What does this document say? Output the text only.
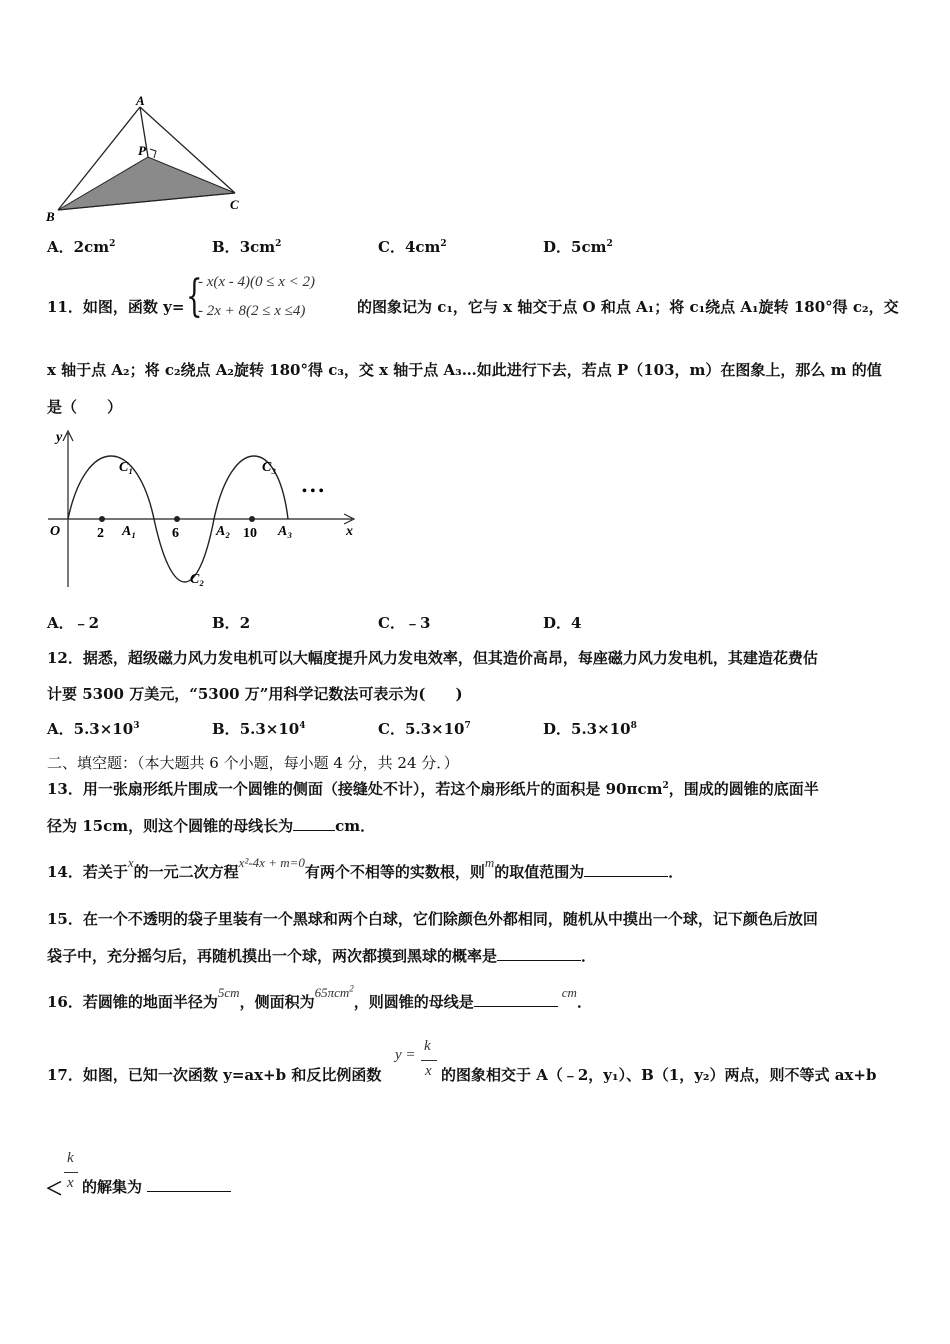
A
P
B
C
A．$2cm^2$	B．$3cm^2$	C．$4cm^2$	D．$5cm^2$
11．如图，函数 y= {
- x(x - 4)(0 ≤ x < 2)
- 2x + 8(2 ≤ x ≤4)	的图象记为 c₁，它与 x 轴交于点 O 和点 A₁；将 c₁绕点 A₁旋转 180°得 c₂，交
x 轴于点 A₂；将 c₂绕点 A₂旋转 180°得 c₃，交 x 轴于点 A₃…如此进行下去，若点 P（103，m）在图象上，那么 m 的值
是（　　）
y
x
O	2	6	10
A₁	A₂	A₃
C₁
C₂
C₃
• • •
A．﹣2	B．2	C．﹣3	D．4
12．据悉，超级磁力风力发电机可以大幅度提升风力发电效率，但其造价高昂，每座磁力风力发电机，其建造花费估
计要 5300 万美元，“5300 万”用科学记数法可表示为(　　)
A．$5.3\times 10^3$	B．$5.3\times 10^4$	C．$5.3\times 10^7$	D．$5.3\times 10^8$
二、填空题：（本大题共 6 个小题，每小题 4 分，共 24 分．）
13．用一张扇形纸片围成一个圆锥的侧面（接缝处不计），若这个扇形纸片的面积是 90πcm$^2$，围成的圆锥的底面半
径为 15cm，则这个圆锥的母线长为	cm．
14．若关于x的一元二次方程x²-4x + m=0有两个不相等的实数根，则m的取值范围为	．
15．在一个不透明的袋子里装有一个黑球和两个白球，它们除颜色外都相同，随机从中摸出一个球，记下颜色后放回
袋子中，充分摇匀后，再随机摸出一个球，两次都摸到黑球的概率是	．
16．若圆锥的地面半径为5cm，侧面积为65πcm$^2$，则圆锥的母线是cm．
17．如图，已知一次函数 y=ax+b 和反比例函数
y =
k
x 的图象相交于 A（﹣2，y₁）、B（1，y₂）两点，则不等式 ax+b
＜
k
x 的解集为
